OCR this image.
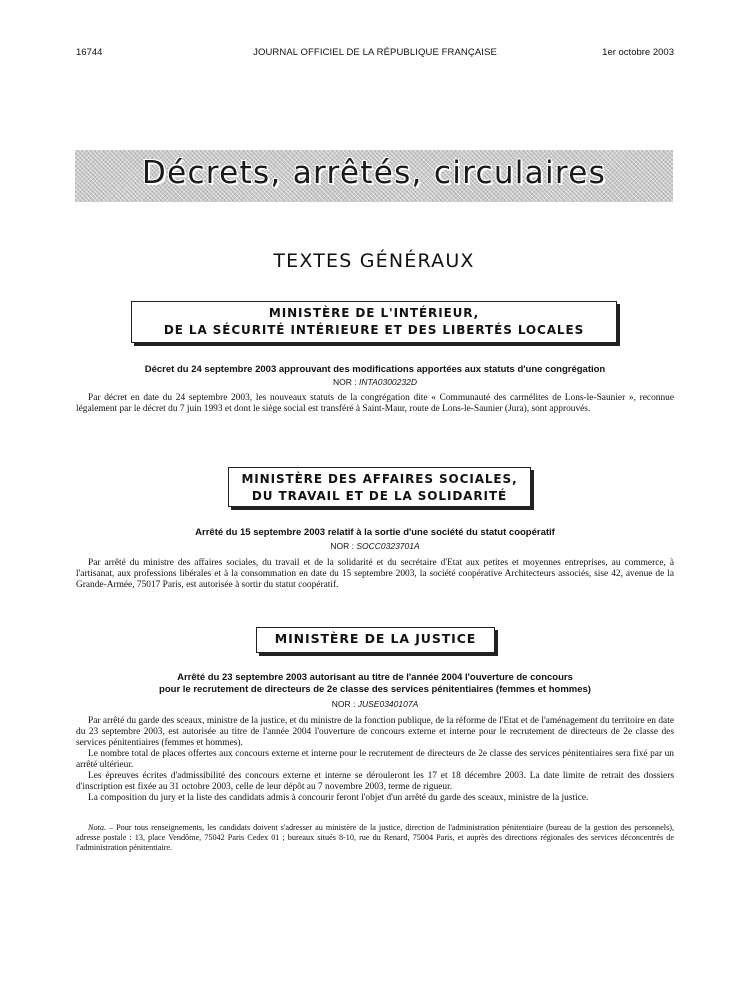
16744	JOURNAL OFFICIEL DE LA RÉPUBLIQUE FRANÇAISE	1er octobre 2003
Décrets, arrêtés, circulaires
TEXTES GÉNÉRAUX
MINISTÈRE DE L'INTÉRIEUR,
DE LA SÉCURITÉ INTÉRIEURE ET DES LIBERTÉS LOCALES
Décret du 24 septembre 2003 approuvant des modifications apportées aux statuts d'une congrégation
NOR : INTA0300232D

Par décret en date du 24 septembre 2003, les nouveaux statuts de la congrégation dite « Communauté des carmélites de Lons-le-Saunier », reconnue légalement par le décret du 7 juin 1993 et dont le siège social est transféré à Saint-Maur, route de Lons-le-Saunier (Jura), sont approuvés.

MINISTÈRE DES AFFAIRES SOCIALES,
DU TRAVAIL ET DE LA SOLIDARITÉ
Arrêté du 15 septembre 2003 relatif à la sortie d'une société du statut coopératif
NOR : SOCC0323701A

Par arrêté du ministre des affaires sociales, du travail et de la solidarité et du secrétaire d'Etat aux petites et moyennes entreprises, au commerce, à l'artisanat, aux professions libérales et à la consommation en date du 15 septembre 2003, la société coopérative Architecteurs associés, sise 42, avenue de la Grande-Armée, 75017 Paris, est autorisée à sortir du statut coopératif.

MINISTÈRE DE LA JUSTICE
Arrêté du 23 septembre 2003 autorisant au titre de l'année 2004 l'ouverture de concours
pour le recrutement de directeurs de 2e classe des services pénitentiaires (femmes et hommes)
NOR : JUSE0340107A

Par arrêté du garde des sceaux, ministre de la justice, et du ministre de la fonction publique, de la réforme de l'Etat et de l'aménagement du territoire en date du 23 septembre 2003, est autorisée au titre de l'année 2004 l'ouverture de concours externe et interne pour le recrutement de directeurs de 2e classe des services pénitentiaires (femmes et hommes).

Le nombre total de places offertes aux concours externe et interne pour le recrutement de directeurs de 2e classe des services pénitentiaires sera fixé par un arrêté ultérieur.

Les épreuves écrites d'admissibilité des concours externe et interne se dérouleront les 17 et 18 décembre 2003. La date limite de retrait des dossiers d'inscription est fixée au 31 octobre 2003, celle de leur dépôt au 7 novembre 2003, terme de rigueur.

La composition du jury et la liste des candidats admis à concourir feront l'objet d'un arrêté du garde des sceaux, ministre de la justice.

Nota. – Pour tous renseignements, les candidats doivent s'adresser au ministère de la justice, direction de l'administration pénitentiaire (bureau de la gestion des personnels), adresse postale : 13, place Vendôme, 75042 Paris Cedex 01 ; bureaux situés 8-10, rue du Renard, 75004 Paris, et auprès des directions régionales des services déconcentrés de l'administration pénitentiaire.
